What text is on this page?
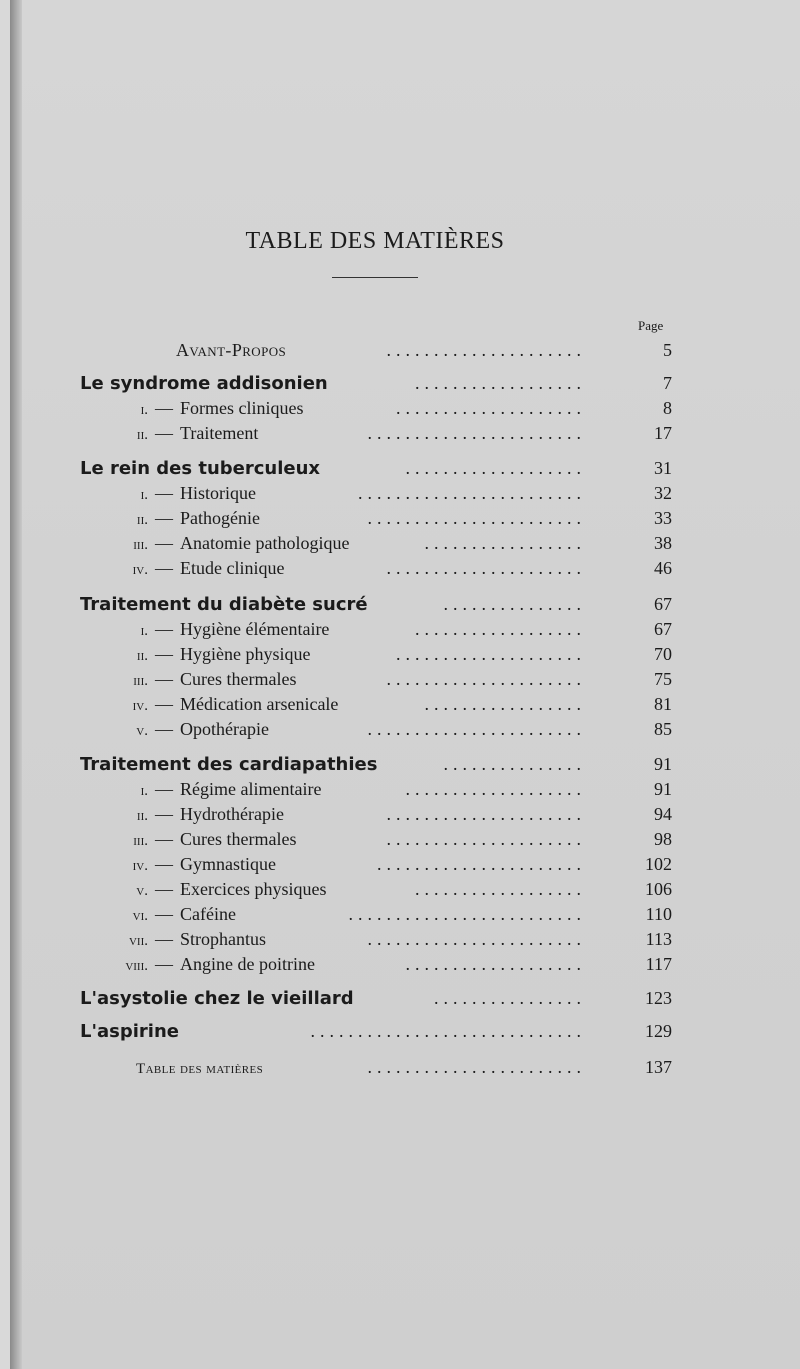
TABLE DES MATIÈRES
Page
Avant-Propos	.....................	5
Le syndrome addisonien	..................	7
i. — Formes cliniques	....................	8
ii. — Traitement	.......................	17
Le rein des tuberculeux	...................	31
i. — Historique	........................	32
ii. — Pathogénie	.......................	33
iii. — Anatomie pathologique	.................	38
iv. — Etude clinique	.....................	46
Traitement du diabète sucré	...............	67
i. — Hygiène élémentaire	..................	67
ii. — Hygiène physique	....................	70
iii. — Cures thermales	.....................	75
iv. — Médication arsenicale	.................	81
v. — Opothérapie	.......................	85
Traitement des cardiapathies	...............	91
i. — Régime alimentaire	...................	91
ii. — Hydrothérapie	.....................	94
iii. — Cures thermales	.....................	98
iv. — Gymnastique	......................	102
v. — Exercices physiques	..................	106
vi. — Caféine	.........................	110
vii. — Strophantus	.......................	113
viii. — Angine de poitrine	...................	117
L'asystolie chez le vieillard	................	123
L'aspirine	.............................	129
Table des matières	.......................	137
